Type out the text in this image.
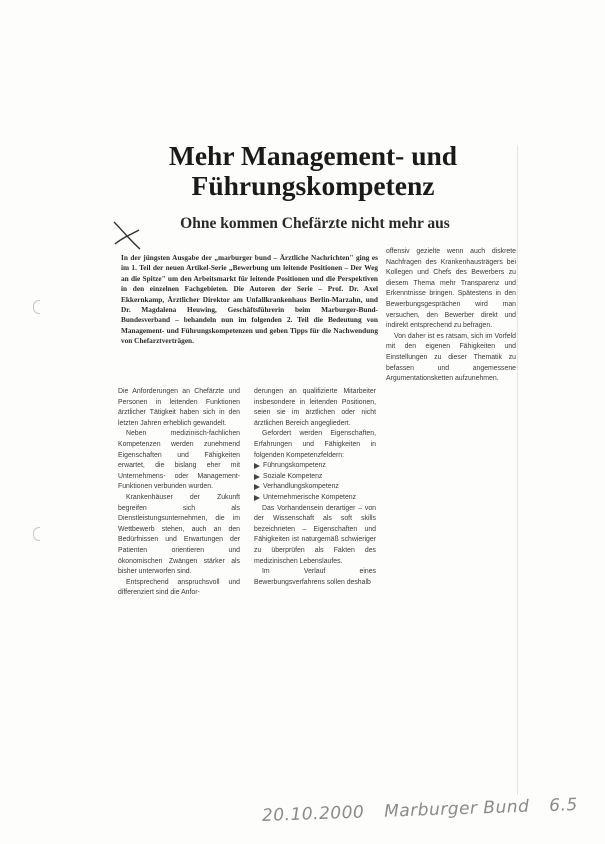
Mehr Management- und
Führungskompetenz
Ohne kommen Chefärzte nicht mehr aus

In der jüngsten Ausgabe der „marburger bund – Ärztliche Nachrichten" ging es im 1. Teil der neuen Artikel-Serie „Bewerbung um leitende Positionen – Der Weg an die Spitze" um den Arbeitsmarkt für leitende Positionen und die Perspektiven in den einzelnen Fachgebieten. Die Autoren der Serie – Prof. Dr. Axel Ekkernkamp, Ärztlicher Direktor am Unfallkrankenhaus Berlin-Marzahn, und Dr. Magdalena Heuwing, Geschäftsführerin beim Marburger-Bund-Bundesverband – behandeln nun im folgenden 2. Teil die Bedeutung von Management- und Führungskompetenzen und geben Tipps für die Nachwendung von Chefarztverträgen.

Die Anforderungen an Chefärzte und Personen in leitenden Funktionen ärztlicher Tätigkeit haben sich in den letzten Jahren erheblich gewandelt.

Neben medizinisch-fachlichen Kompetenzen werden zunehmend Eigenschaften und Fähigkeiten erwartet, die bislang eher mit Unternehmens- oder Management-Funktionen verbunden wurden.

Krankenhäuser der Zukunft begreifen sich als Dienstleistungsunternehmen, die im Wettbewerb stehen, auch an den Bedürfnissen und Erwartungen der Patienten orientieren und ökonomischen Zwängen stärker als bisher unterworfen sind.

Entsprechend anspruchsvoll und differenziert sind die Anfor-

derungen an qualifizierte Mitarbeiter insbesondere in leitenden Positionen, seien sie im ärztlichen oder nicht ärztlichen Bereich angegliedert.

Gefordert werden Eigenschaften, Erfahrungen und Fähigkeiten in folgenden Kompetenzfeldern:

Führungskompetenz
Soziale Kompetenz
Verhandlungskompetenz
Unternehmerische Kompetenz

Das Vorhandensein derartiger – von der Wissenschaft als soft skills bezeichneten – Eigenschaften und Fähigkeiten ist naturgemäß schwieriger zu überprüfen als Fakten des medizinischen Lebenslaufes.

Im Verlauf eines Bewerbungsverfahrens sollen deshalb

offensiv gezielte wenn auch diskrete Nachfragen des Krankenhausträgers bei Kollegen und Chefs des Bewerbers zu diesem Thema mehr Transparenz und Erkenntnisse bringen. Spätestens in den Bewerbungsgesprächen wird man versuchen, den Bewerber direkt und indirekt entsprechend zu befragen.

Von daher ist es ratsam, sich im Vorfeld mit den eigenen Fähigkeiten und Einstellungen zu dieser Thematik zu befassen und angemessene Argumentationsketten aufzunehmen.

20.10.2000 Marburger Bund 6.5
